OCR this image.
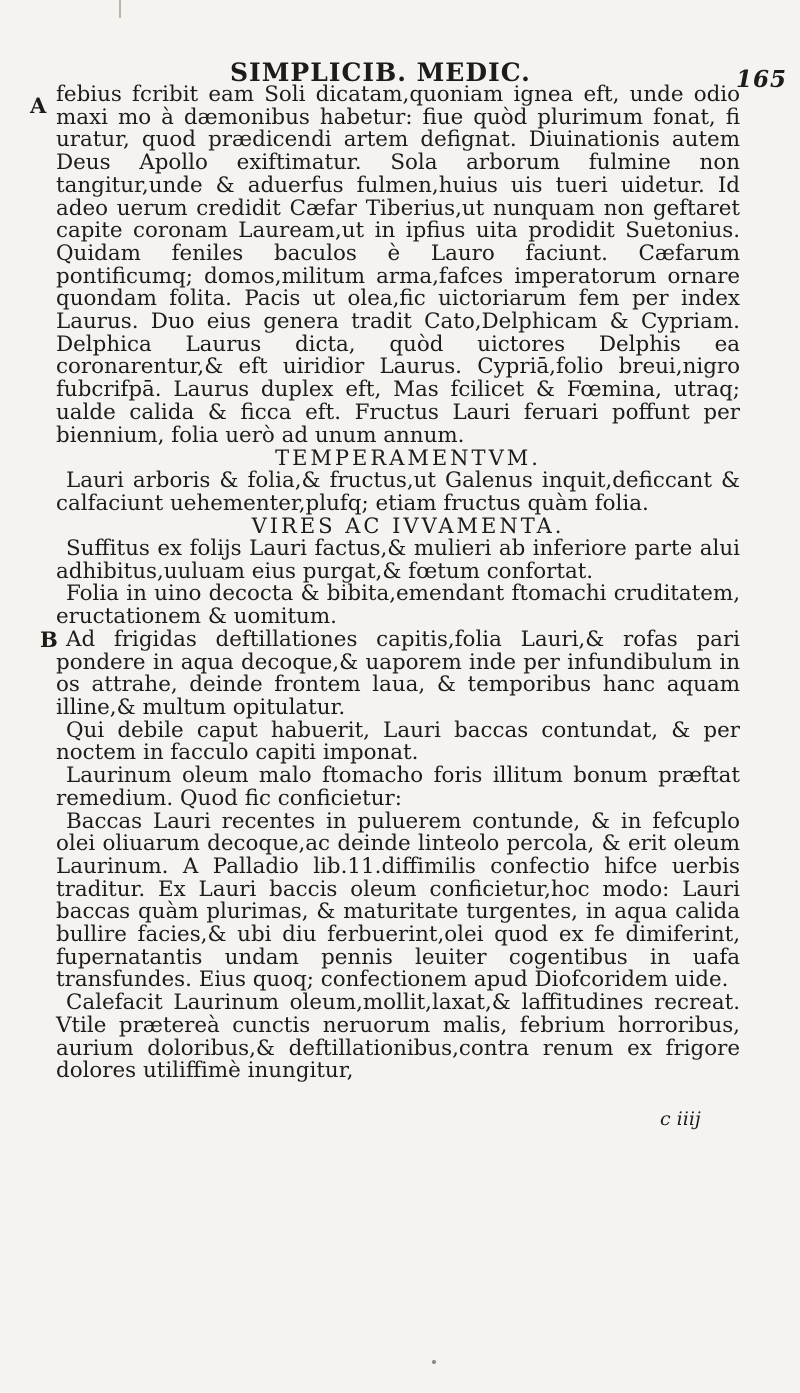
SIMPLICIB. MEDIC.	165
A
B

febius fcribit eam Soli dicatam,quoniam ignea eft, unde odio maxi mo à dæmonibus habetur: fiue quòd plurimum fonat, fi uratur, quod prædicendi artem defignat. Diuinationis autem Deus Apollo exiftimatur. Sola arborum fulmine non tangitur,unde & aduerfus fulmen,huius uis tueri uidetur. Id adeo uerum credidit Cæfar Tiberius,ut nunquam non geftaret capite coronam Lauream,ut in ipfius uita prodidit Suetonius. Quidam feniles baculos è Lauro faciunt. Cæfarum pontificumq; domos,militum arma,fafces imperatorum ornare quondam folita. Pacis ut olea,fic uictoriarum fem per index Laurus. Duo eius genera tradit Cato,Delphicam & Cypriam. Delphica Laurus dicta, quòd uictores Delphis ea coronarentur,& eft uiridior Laurus. Cypriā,folio breui,nigro fubcrifpā. Laurus duplex eft, Mas fcilicet & Fœmina, utraq; ualde calida & ficca eft. Fructus Lauri feruari poffunt per biennium, folia uerò ad unum annum.

TEMPERAMENTVM.

Lauri arboris & folia,& fructus,ut Galenus inquit,deficcant & calfaciunt uehementer,plufq; etiam fructus quàm folia.

VIRES AC IVVAMENTA.

Suffitus ex folijs Lauri factus,& mulieri ab inferiore parte alui adhibitus,uuluam eius purgat,& fœtum confortat.

Folia in uino decocta & bibita,emendant ftomachi cruditatem, eructationem & uomitum.

Ad frigidas deftillationes capitis,folia Lauri,& rofas pari pondere in aqua decoque,& uaporem inde per infundibulum in os attrahe, deinde frontem laua, & temporibus hanc aquam illine,& multum opitulatur.

Qui debile caput habuerit, Lauri baccas contundat, & per noctem in facculo capiti imponat.

Laurinum oleum malo ftomacho foris illitum bonum præftat remedium. Quod fic conficietur:

Baccas Lauri recentes in puluerem contunde, & in fefcuplo olei oliuarum decoque,ac deinde linteolo percola, & erit oleum Laurinum. A Palladio lib.11.diffimilis confectio hifce uerbis traditur. Ex Lauri baccis oleum conficietur,hoc modo: Lauri baccas quàm plurimas, & maturitate turgentes, in aqua calida bullire facies,& ubi diu ferbuerint,olei quod ex fe dimiferint, fupernatantis undam pennis leuiter cogentibus in uafa transfundes. Eius quoq; confectionem apud Diofcoridem uide.

Calefacit Laurinum oleum,mollit,laxat,& laffitudines recreat. Vtile prætereà cunctis neruorum malis, febrium horroribus, aurium doloribus,& deftillationibus,contra renum ex frigore dolores utiliffimè inungitur,

c iiij
